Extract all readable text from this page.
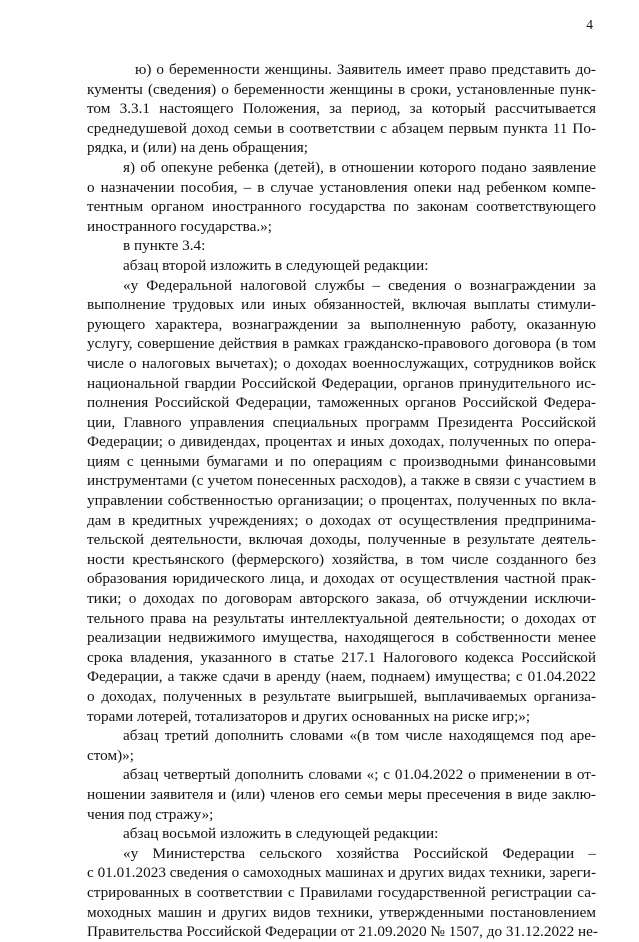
4
ю) о беременности женщины. Заявитель имеет право представить до-
кументы (сведения) о беременности женщины в сроки, установленные пунк-
том 3.3.1 настоящего Положения, за период, за который рассчитывается
среднедушевой доход семьи в соответствии с абзацем первым пункта 11 По-
рядка, и (или) на день обращения;
я) об опекуне ребенка (детей), в отношении которого подано заявление
о назначении пособия, – в случае установления опеки над ребенком компе-
тентным органом иностранного государства по законам соответствующего
иностранного государства.»;
в пункте 3.4:
абзац второй изложить в следующей редакции:
«у Федеральной налоговой службы – сведения о вознаграждении за
выполнение трудовых или иных обязанностей, включая выплаты стимули-
рующего характера, вознаграждении за выполненную работу, оказанную
услугу, совершение действия в рамках гражданско-правового договора (в том
числе о налоговых вычетах); о доходах военнослужащих, сотрудников войск
национальной гвардии Российской Федерации, органов принудительного ис-
полнения Российской Федерации, таможенных органов Российской Федера-
ции, Главного управления специальных программ Президента Российской
Федерации; о дивидендах, процентах и иных доходах, полученных по опера-
циям с ценными бумагами и по операциям с производными финансовыми
инструментами (с учетом понесенных расходов), а также в связи с участием в
управлении собственностью организации; о процентах, полученных по вкла-
дам в кредитных учреждениях; о доходах от осуществления предпринима-
тельской деятельности, включая доходы, полученные в результате деятель-
ности крестьянского (фермерского) хозяйства, в том числе созданного без
образования юридического лица, и доходах от осуществления частной прак-
тики; о доходах по договорам авторского заказа, об отчуждении исключи-
тельного права на результаты интеллектуальной деятельности; о доходах от
реализации недвижимого имущества, находящегося в собственности менее
срока владения, указанного в статье 217.1 Налогового кодекса Российской
Федерации, а также сдачи в аренду (наем, поднаем) имущества; с 01.04.2022
о доходах, полученных в результате выигрышей, выплачиваемых организа-
торами лотерей, тотализаторов и других основанных на риске игр;»;
абзац третий дополнить словами «(в том числе находящемся под аре-
стом)»;
абзац четвертый дополнить словами «; с 01.04.2022 о применении в от-
ношении заявителя и (или) членов его семьи меры пресечения в виде заклю-
чения под стражу»;
абзац восьмой изложить в следующей редакции:
«у Министерства сельского хозяйства Российской Федерации –
с 01.01.2023 сведения о самоходных машинах и других видах техники, зареги-
стрированных в соответствии с Правилами государственной регистрации са-
моходных машин и других видов техники, утвержденными постановлением
Правительства Российской Федерации от 21.09.2020 № 1507, до 31.12.2022 не-
